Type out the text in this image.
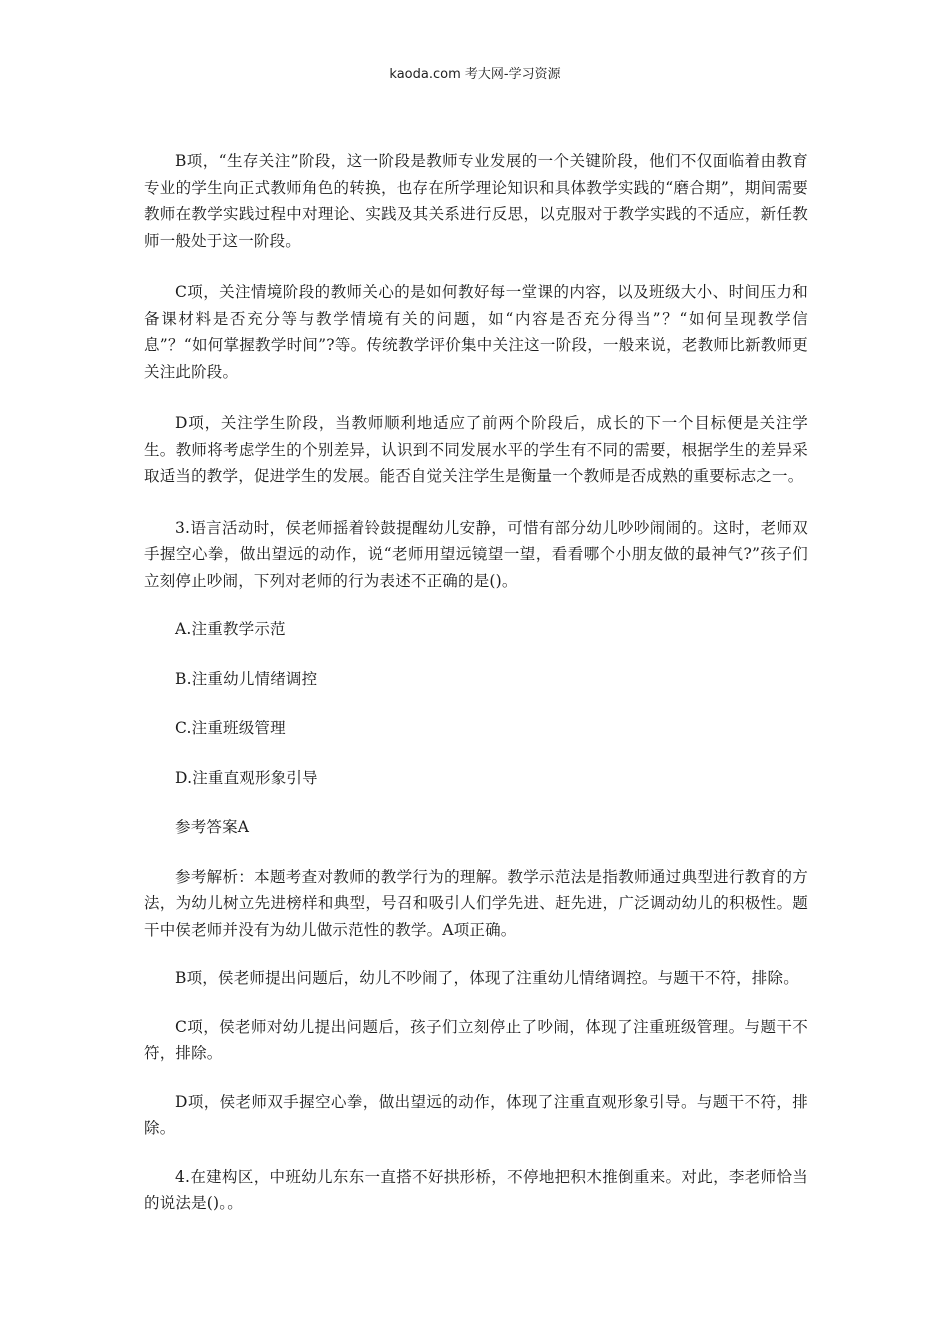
kaoda.com 考大网-学习资源

B项，“生存关注”阶段，这一阶段是教师专业发展的一个关键阶段，他们不仅面临着由教育专业的学生向正式教师角色的转换，也存在所学理论知识和具体教学实践的“磨合期”，期间需要教师在教学实践过程中对理论、实践及其关系进行反思，以克服对于教学实践的不适应，新任教师一般处于这一阶段。

C项，关注情境阶段的教师关心的是如何教好每一堂课的内容，以及班级大小、时间压力和备课材料是否充分等与教学情境有关的问题，如“内容是否充分得当”？“如何呈现教学信息”？“如何掌握教学时间”?等。传统教学评价集中关注这一阶段，一般来说，老教师比新教师更关注此阶段。

D项，关注学生阶段，当教师顺利地适应了前两个阶段后，成长的下一个目标便是关注学生。教师将考虑学生的个别差异，认识到不同发展水平的学生有不同的需要，根据学生的差异采取适当的教学，促进学生的发展。能否自觉关注学生是衡量一个教师是否成熟的重要标志之一。

3.语言活动时，侯老师摇着铃鼓提醒幼儿安静，可惜有部分幼儿吵吵闹闹的。这时，老师双手握空心拳，做出望远的动作，说“老师用望远镜望一望，看看哪个小朋友做的最神气?”孩子们立刻停止吵闹，下列对老师的行为表述不正确的是()。

A.注重教学示范

B.注重幼儿情绪调控

C.注重班级管理

D.注重直观形象引导

参考答案A

参考解析：本题考查对教师的教学行为的理解。教学示范法是指教师通过典型进行教育的方法，为幼儿树立先进榜样和典型，号召和吸引人们学先进、赶先进，广泛调动幼儿的积极性。题干中侯老师并没有为幼儿做示范性的教学。A项正确。

B项，侯老师提出问题后，幼儿不吵闹了，体现了注重幼儿情绪调控。与题干不符，排除。

C项，侯老师对幼儿提出问题后，孩子们立刻停止了吵闹，体现了注重班级管理。与题干不符，排除。

D项，侯老师双手握空心拳，做出望远的动作，体现了注重直观形象引导。与题干不符，排除。

4.在建构区，中班幼儿东东一直搭不好拱形桥，不停地把积木推倒重来。对此，李老师恰当的说法是()。。
